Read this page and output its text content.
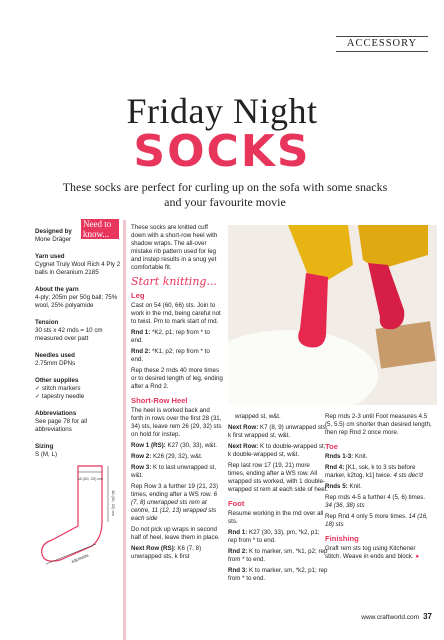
ACCESSORY
Friday Night
SOCKS
These socks are perfect for curling up on the sofa with some snacks and your favourite movie
Need to
know...
Designed by
Mone Dräger
Yarn used
Cygnet Truly Wool Rich 4 Ply 2 balls in Geranium 2185
About the yarn
4-ply; 205m per 50g ball; 75% wool, 25% polyamide
Tension
30 sts x 42 rnds = 10 cm measured over patt
Needles used
2.75mm DPNs
Other supplies
✓ stitch markers
✓ tapestry needle
Abbreviations
See page 78 for all abbreviations
Sizing
S (M, L)
18 (20, 22) cm
18 (20, 22) cm
adjustable

These socks are knitted cuff down with a short-row heel with shadow wraps. The all-over mistake rib pattern used for leg and instep results in a snug yet comfortable fit.

Start knitting...
Leg

Cast on 54 (60, 66) sts. Join to work in the rnd, being careful not to twist. Pm to mark start of rnd.

Rnd 1: *K2, p1; rep from * to end.

Rnd 2: *K1, p2; rep from * to end.

Rep these 2 rnds 40 more times or to desired length of leg, ending after a Rnd 2.

Short-Row Heel

The heel is worked back and forth in rows over the first 28 (31, 34) sts, leave rem 26 (29, 32) sts on hold for instep.

Row 1 (RS): K27 (30, 33), w&t.

Row 2: K26 (29, 32), w&t.

Row 3: K to last unwrapped st, w&t.

Rep Row 3 a further 19 (21, 23) times, ending after a WS row. 6 (7, 8) unwrapped sts rem at centre, 11 (12, 13) wrapped sts each side

Do not pick up wraps in second half of heel, leave them in place.

Next Row (RS): K6 (7, 8) unwrapped sts, k first

wrapped st, w&t.

Next Row: K7 (8, 9) unwrapped sts, k first wrapped st, w&t.

Next Row: K to double-wrapped st, k double-wrapped st, w&t.

Rep last row 17 (19, 21) more times, ending after a WS row. All wrapped sts worked, with 1 double-wrapped st rem at each side of heel.

Foot

Resume working in the rnd over all sts.

Rnd 1: K27 (30, 33), pm, *k2, p1; rep from * to end.

Rnd 2: K to marker, sm, *k1, p2; rep from * to end.

Rnd 3: K to marker, sm, *k2, p1; rep from * to end.

Rep rnds 2-3 until Foot measures 4.5 (5, 5.5) cm shorter than desired length, then rep Rnd 2 once more.

Toe

Rnds 1-3: Knit.

Rnd 4: [K1, ssk, k to 3 sts before marker, k2tog, k1] twice. 4 sts dec'd

Rnds 5: Knit.

Rep rnds 4-5 a further 4 (5, 6) times. 34 (36, 38) sts

Rep Rnd 4 only 5 more times. 14 (16, 18) sts

Finishing

Graft rem sts tog using Kitchener stitch. Weave in ends and block. ●

www.craftworld.com 37
